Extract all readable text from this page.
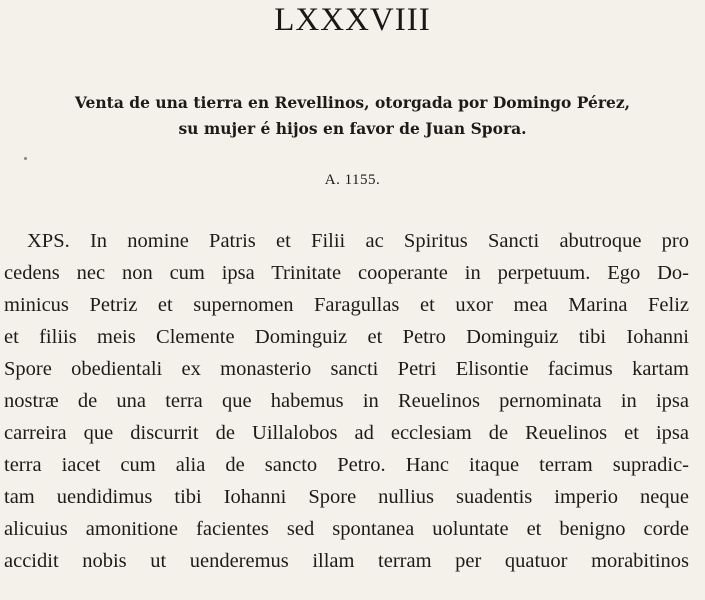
LXXXVIII
Venta de una tierra en Revellinos, otorgada por Domingo Pérez,
su mujer é hijos en favor de Juan Spora.
A. 1155.
XPS. In nomine Patris et Filii ac Spiritus Sancti abutroque pro
cedens nec non cum ipsa Trinitate cooperante in perpetuum. Ego Do-
minicus Petriz et supernomen Faragullas et uxor mea Marina Feliz
et filiis meis Clemente Dominguiz et Petro Dominguiz tibi Iohanni
Spore obedientali ex monasterio sancti Petri Elisontie facimus kartam
nostræ de una terra que habemus in Reuelinos pernominata in ipsa
carreira que discurrit de Uillalobos ad ecclesiam de Reuelinos et ipsa
terra iacet cum alia de sancto Petro. Hanc itaque terram supradic-
tam uendidimus tibi Iohanni Spore nullius suadentis imperio neque
alicuius amonitione facientes sed spontanea uoluntate et benigno corde
accidit nobis ut uenderemus illam terram per quatuor morabitinos
